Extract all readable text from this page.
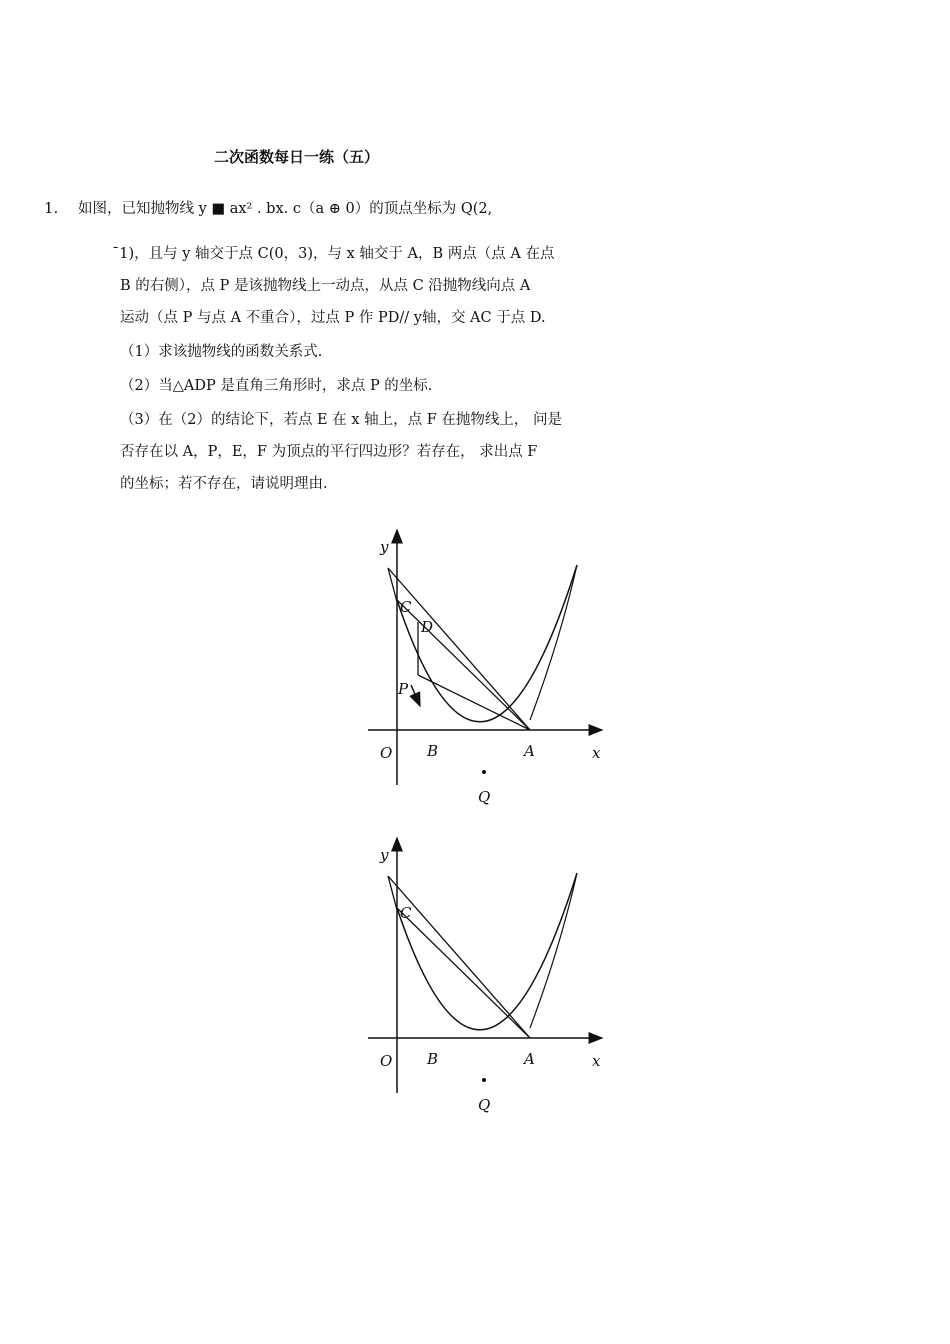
二次函数每日一练（五）
1. 如图，已知抛物线 y ■ ax² . bx. c（a ⊕ 0）的顶点坐标为 Q(2,
ˉ1)，且与 y 轴交于点 C(0，3)，与 x 轴交于 A，B 两点（点 A 在点
B 的右侧），点 P 是该抛物线上一动点，从点 C 沿抛物线向点 A
运动（点 P 与点 A 不重合），过点 P 作 PD// y轴，交 AC 于点 D.
（1）求该抛物线的函数关系式.
（2）当△ADP 是直角三角形时，求点 P 的坐标.
（3）在（2）的结论下，若点 E 在 x 轴上，点 F 在抛物线上， 问是
否存在以 A，P，E，F 为顶点的平行四边形？若存在， 求出点 F
的坐标；若不存在，请说明理由.
y
x
O B	A
Q
C
D
P
y
x
O B	A
Q
C
